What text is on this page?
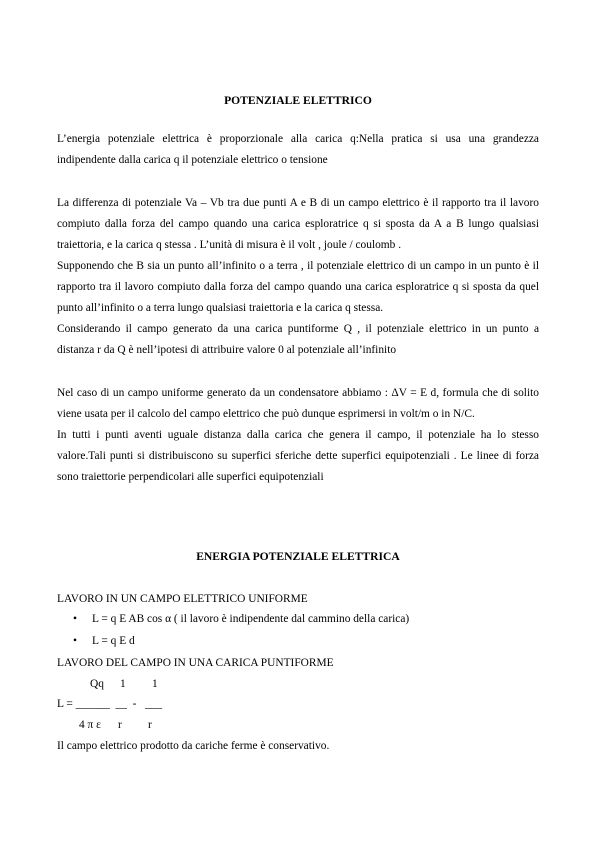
POTENZIALE ELETTRICO

L’energia potenziale elettrica è proporzionale alla carica q:Nella pratica si usa una grandezza indipendente dalla carica q il potenziale elettrico o tensione

La differenza di potenziale Va – Vb tra due punti A e B di un campo elettrico è il rapporto tra il lavoro compiuto dalla forza del campo quando una carica esploratrice q si sposta da A a B lungo qualsiasi traiettoria, e la carica q stessa . L’unità di misura è il volt , joule / coulomb .

Supponendo che B sia un punto all’infinito o a terra , il potenziale elettrico di un campo in un punto è il rapporto tra il lavoro compiuto dalla forza del campo quando una carica esploratrice q si sposta da quel punto all’infinito o a terra lungo qualsiasi traiettoria e la carica q stessa.

Considerando il campo generato da una carica puntiforme Q , il potenziale elettrico in un punto a distanza r da Q è nell’ipotesi di attribuire valore 0 al potenziale all’infinito

Nel caso di un campo uniforme generato da un condensatore abbiamo : ΔV = E d, formula che di solito viene usata per il calcolo del campo elettrico che può dunque esprimersi in volt/m o in N/C.

In tutti i punti aventi uguale distanza dalla carica che genera il campo, il potenziale ha lo stesso valore.Tali punti si distribuiscono su superfici sferiche dette superfici equipotenziali . Le linee di forza sono traiettorie perpendicolari alle superfici equipotenziali

ENERGIA POTENZIALE ELETTRICA
LAVORO IN UN CAMPO ELETTRICO UNIFORME
• L = q E AB cos α ( il lavoro è indipendente dal cammino della carica)
• L = q E d
LAVORO DEL CAMPO IN UNA CARICA PUNTIFORME
Qq 1 1
L = ______  __  -   ___
4 π ε r r
Il campo elettrico prodotto da cariche ferme è conservativo.
